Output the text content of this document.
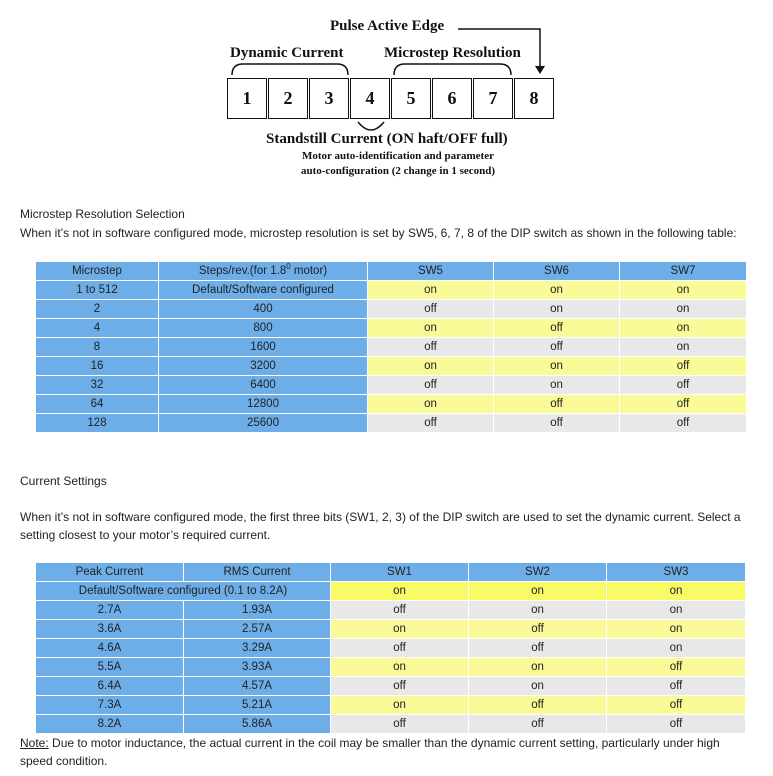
Pulse Active Edge
Dynamic Current	Microstep Resolution
1	2	3	4	5	6	7	8
Standstill Current (ON haft/OFF full)
Motor auto-identification and parameter
auto-configuration (2 change in 1 second)
Microstep Resolution Selection
When it’s not in software configured mode, microstep resolution is set by SW5, 6, 7, 8 of the DIP switch as shown in the following table:
Microstep	Steps/rev.(for $1.8^0$ motor)	SW5	SW6	SW7
1 to 512	Default/Software configured	on	on	on
2	400	off	on	on
4	800	on	off	on
8	1600	off	off	on
16	3200	on	on	off
32	6400	off	on	off
64	12800	on	off	off
128	25600	off	off	off
Current Settings
When it’s not in software configured mode, the first three bits (SW1, 2, 3) of the DIP switch are used to set the dynamic current. Select a
setting closest to your motor’s required current.
Peak Current	RMS Current	SW1	SW2	SW3
Default/Software configured (0.1 to 8.2A)		on	on	on
2.7A	1.93A	off	on	on
3.6A	2.57A	on	off	on
4.6A	3.29A	off	off	on
5.5A	3.93A	on	on	off
6.4A	4.57A	off	on	off
7.3A	5.21A	on	off	off
8.2A	5.86A	off	off	off
Note: Due to motor inductance, the actual current in the coil may be smaller than the dynamic current setting, particularly under high
speed condition.
